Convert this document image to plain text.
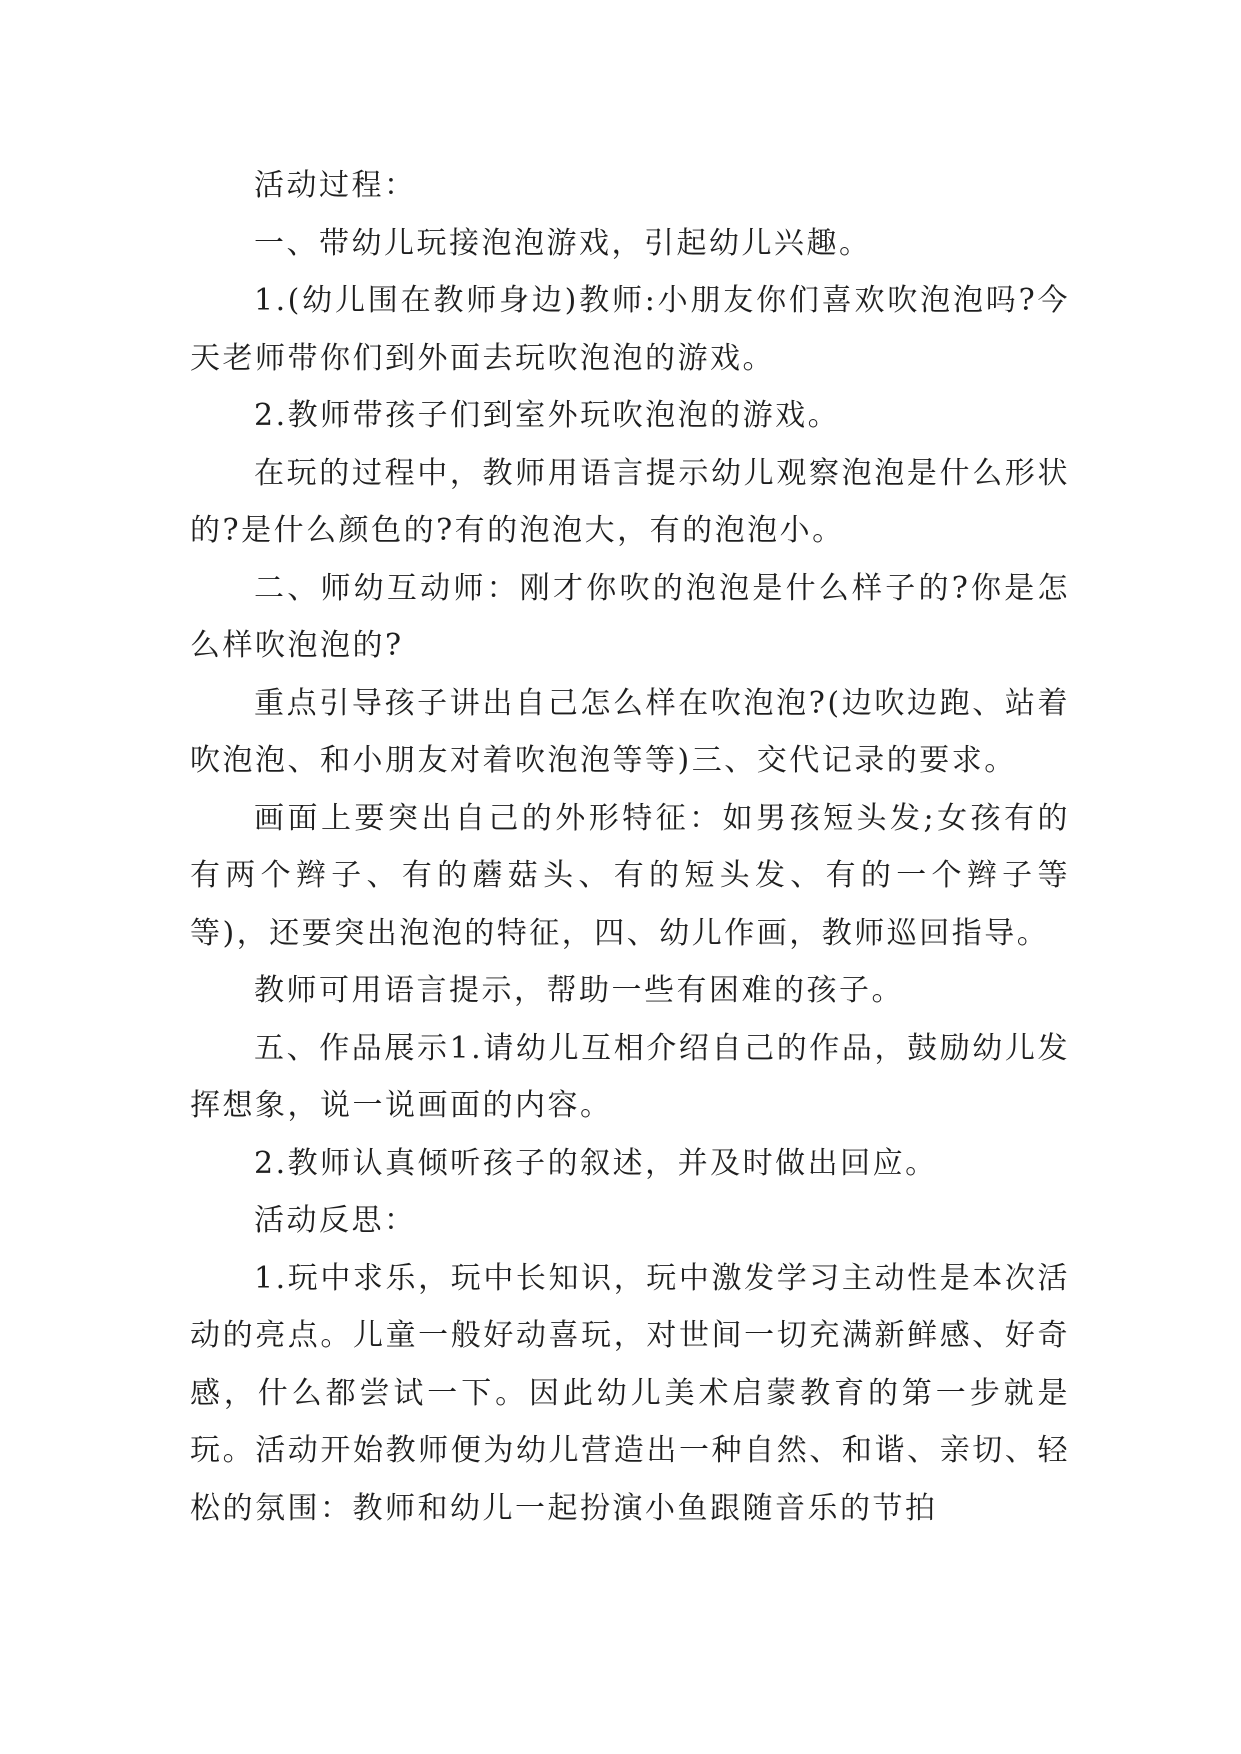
活动过程：

一、带幼儿玩接泡泡游戏，引起幼儿兴趣。

1.(幼儿围在教师身边)教师:小朋友你们喜欢吹泡泡吗?今天老师带你们到外面去玩吹泡泡的游戏。

2.教师带孩子们到室外玩吹泡泡的游戏。

在玩的过程中，教师用语言提示幼儿观察泡泡是什么形状的?是什么颜色的?有的泡泡大，有的泡泡小。

二、师幼互动师：刚才你吹的泡泡是什么样子的?你是怎么样吹泡泡的?

重点引导孩子讲出自己怎么样在吹泡泡?(边吹边跑、站着吹泡泡、和小朋友对着吹泡泡等等)三、交代记录的要求。

画面上要突出自己的外形特征：如男孩短头发;女孩有的有两个辫子、有的蘑菇头、有的短头发、有的一个辫子等等)，还要突出泡泡的特征，四、幼儿作画，教师巡回指导。

教师可用语言提示，帮助一些有困难的孩子。

五、作品展示1.请幼儿互相介绍自己的作品，鼓励幼儿发挥想象，说一说画面的内容。

2.教师认真倾听孩子的叙述，并及时做出回应。

活动反思：

1.玩中求乐，玩中长知识，玩中激发学习主动性是本次活动的亮点。儿童一般好动喜玩，对世间一切充满新鲜感、好奇感，什么都尝试一下。因此幼儿美术启蒙教育的第一步就是玩。活动开始教师便为幼儿营造出一种自然、和谐、亲切、轻松的氛围：教师和幼儿一起扮演小鱼跟随音乐的节拍
